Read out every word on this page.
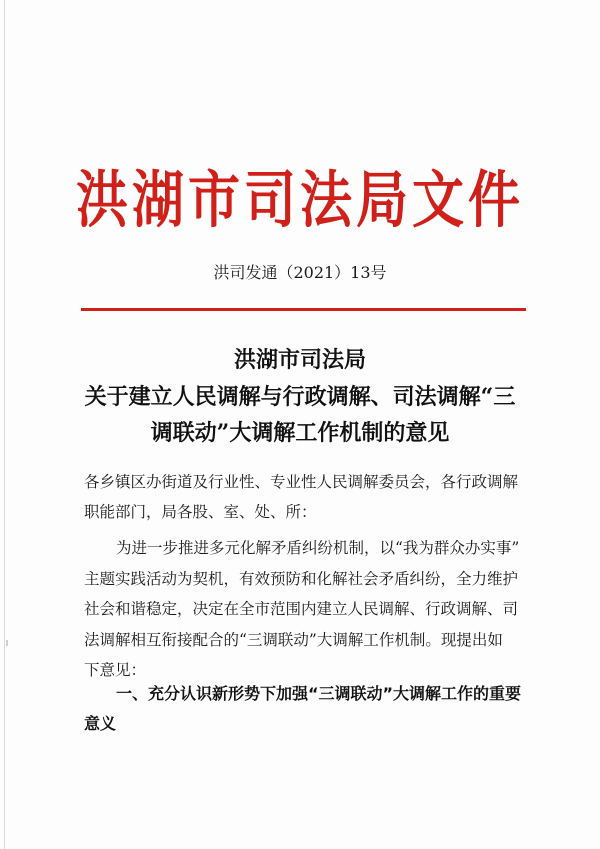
洪湖市司法局文件
洪司发通（2021）13号
洪湖市司法局
关于建立人民调解与行政调解、司法调解“三
调联动”大调解工作机制的意见
各乡镇区办街道及行业性、专业性人民调解委员会，各行政调解
职能部门，局各股、室、处、所：
为进一步推进多元化解矛盾纠纷机制，以“我为群众办实事”
主题实践活动为契机，有效预防和化解社会矛盾纠纷，全力维护
社会和谐稳定，决定在全市范围内建立人民调解、行政调解、司
法调解相互衔接配合的“三调联动”大调解工作机制。现提出如
下意见：
一、充分认识新形势下加强“三调联动”大调解工作的重要
意义
